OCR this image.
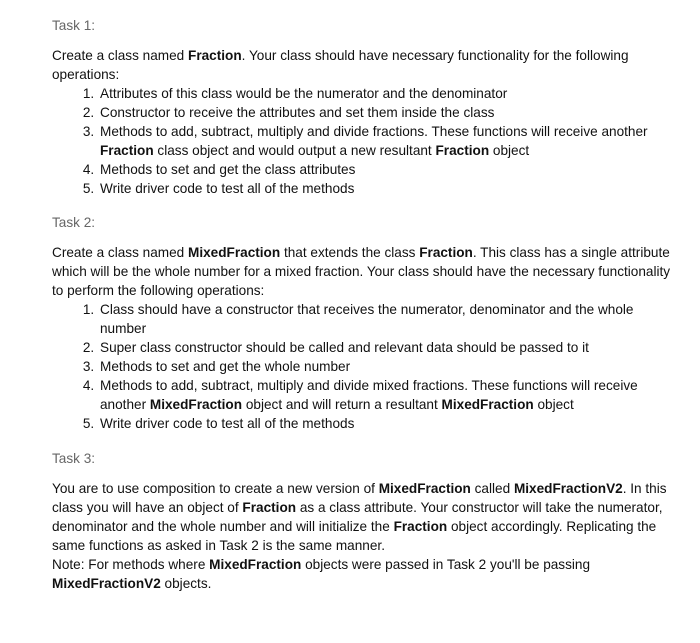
Task 1:

Create a class named Fraction. Your class should have necessary functionality for the following operations:

1. Attributes of this class would be the numerator and the denominator
2. Constructor to receive the attributes and set them inside the class
3. Methods to add, subtract, multiply and divide fractions. These functions will receive another Fraction class object and would output a new resultant Fraction object
4. Methods to set and get the class attributes
5. Write driver code to test all of the methods
Task 2:

Create a class named MixedFraction that extends the class Fraction. This class has a single attribute which will be the whole number for a mixed fraction. Your class should have the necessary functionality to perform the following operations:

1. Class should have a constructor that receives the numerator, denominator and the whole number
2. Super class constructor should be called and relevant data should be passed to it
3. Methods to set and get the whole number
4. Methods to add, subtract, multiply and divide mixed fractions. These functions will receive another MixedFraction object and will return a resultant MixedFraction object
5. Write driver code to test all of the methods
Task 3:

You are to use composition to create a new version of MixedFraction called MixedFractionV2. In this class you will have an object of Fraction as a class attribute. Your constructor will take the numerator, denominator and the whole number and will initialize the Fraction object accordingly. Replicating the same functions as asked in Task 2 is the same manner.

Note: For methods where MixedFraction objects were passed in Task 2 you'll be passing MixedFractionV2 objects.
